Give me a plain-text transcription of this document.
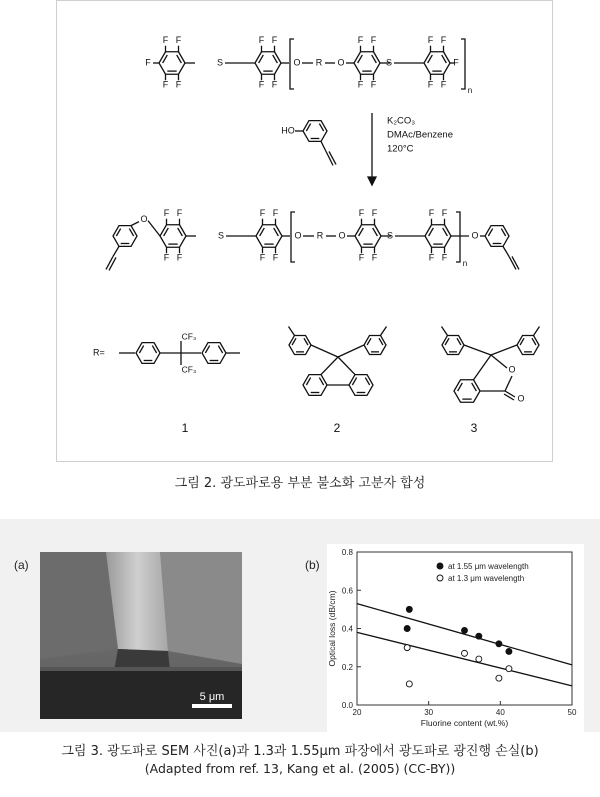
F
F
F
F
F	S
F
F
F
F
O R O
F
F
F
F
S
F
F
F
F
F
n
HO
K₂CO₃
DMAc/Benzene
120°C
O
F
F
F
F
S
F
F
F
F
O R O
F
F
F
F
S
F
F
F
F
n
O
R=
CF₃
CF₃	O
O
1	2	3
그림 2. 광도파로용 부분 불소화 고분자 합성
(a)
5 μm
(b)
20	30	40	50
0.0
0.2
0.4
0.6
0.8
Fluorine content (wt.%)
Optical loss (dB/cm)
at 1.55 μm wavelength
at 1.3 μm wavelength
그림 3. 광도파로 SEM 사진(a)과 1.3과 1.55μm 파장에서 광도파로 광진행 손실(b)
(Adapted from ref. 13, Kang et al. (2005) (CC-BY))
